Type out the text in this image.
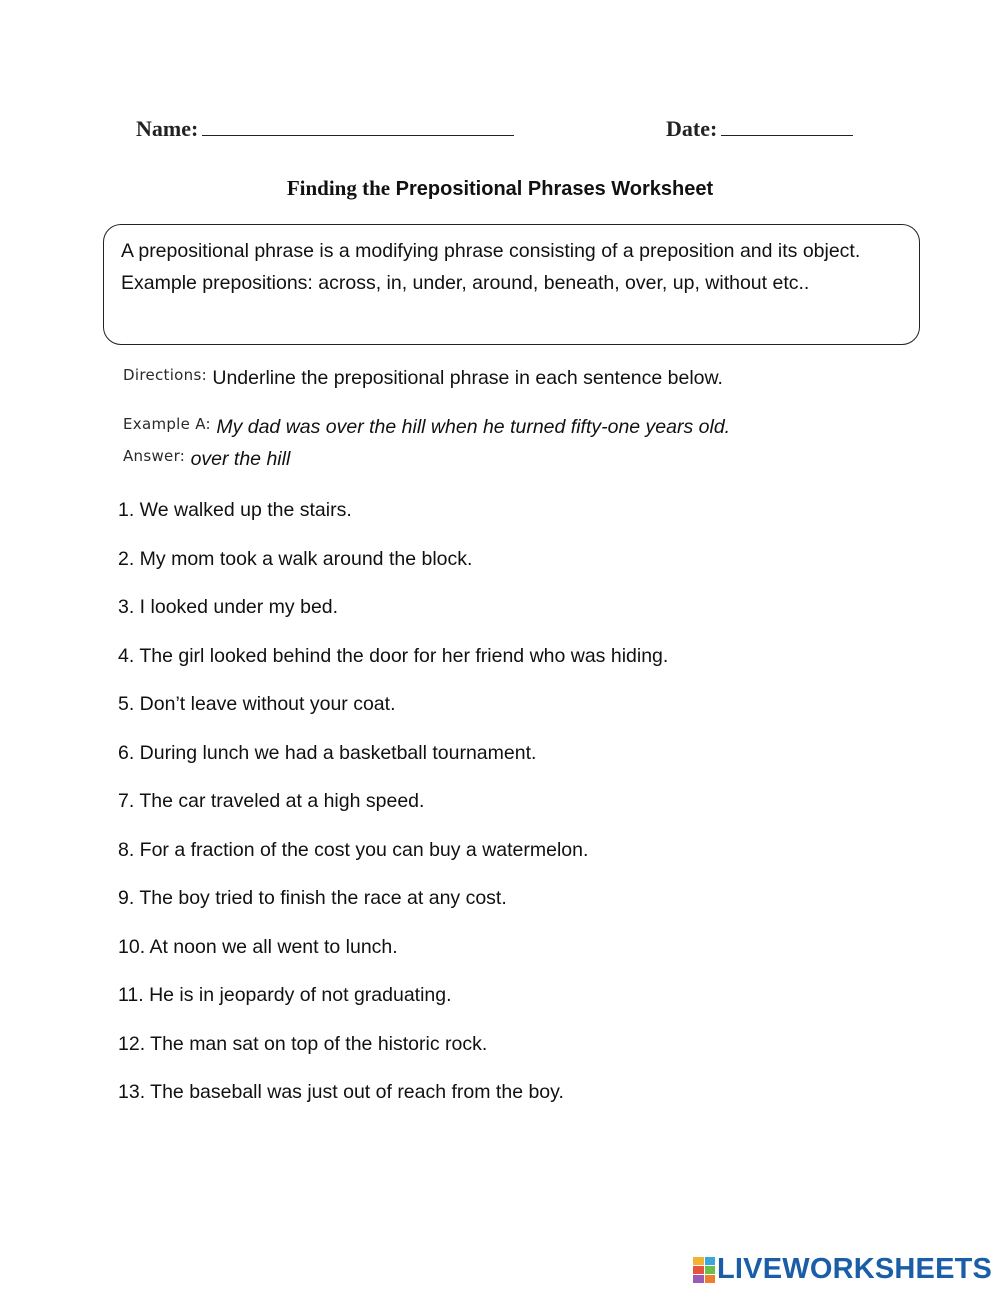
Name:	Date:
Finding the Prepositional Phrases Worksheet

A prepositional phrase is a modifying phrase consisting of a preposition and its object.

Example prepositions: across, in, under, around, beneath, over, up, without etc..

$^{Directions:}$ Underline the prepositional phrase in each sentence below.
$^{Example A:}$ My dad was over the hill when he turned fifty-one years old.
$^{Answer:}$ over the hill
1. We walked up the stairs.
2. My mom took a walk around the block.
3. I looked under my bed.
4. The girl looked behind the door for her friend who was hiding.
5. Don’t leave without your coat.
6. During lunch we had a basketball tournament.
7. The car traveled at a high speed.
8. For a fraction of the cost you can buy a watermelon.
9. The boy tried to finish the race at any cost.
10. At noon we all went to lunch.
11. He is in jeopardy of not graduating.
12. The man sat on top of the historic rock.
13. The baseball was just out of reach from the boy.
LIVEWORKSHEETS
